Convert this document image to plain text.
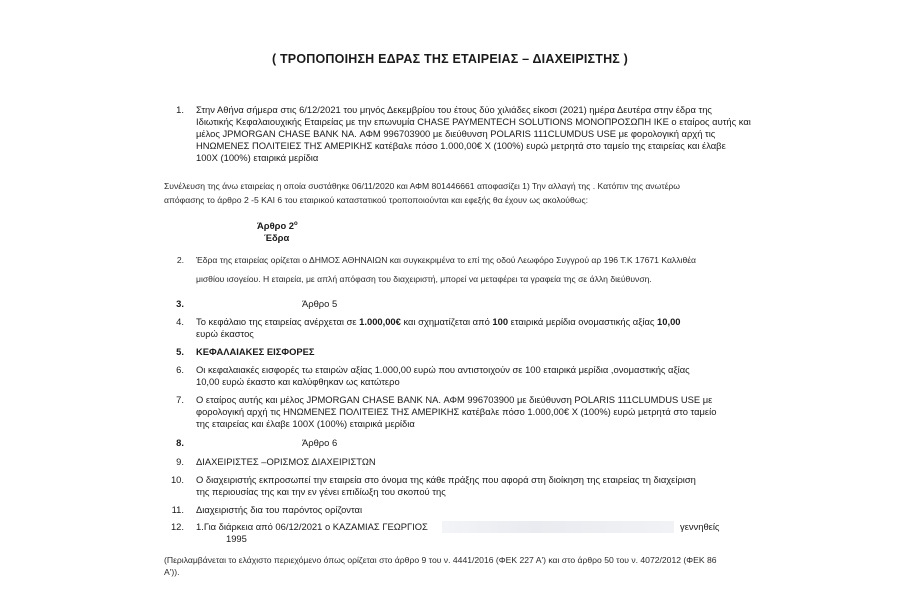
( ΤΡΟΠΟΠΟΙΗΣΗ ΕΔΡΑΣ ΤΗΣ ΕΤΑΙΡΕΙΑΣ – ΔΙΑΧΕΙΡΙΣΤΗΣ )
1. Στην Αθήνα σήμερα στις 6/12/2021 του μηνός Δεκεμβρίου του έτους δύο χιλιάδες είκοσι (2021) ημέρα Δευτέρα στην έδρα της
Ιδιωτικής Κεφαλαιουχικής Εταιρείας με την επωνυμία CHASE PAYMENTECH SOLUTIONS ΜΟΝΟΠΡΟΣΩΠΗ ΙΚΕ ο εταίρος αυτής και
μέλος JPMORGAN CHASE BANK NA. ΑΦΜ 996703900 με διεύθυνση POLARIS 111CLUMDUS USE με φορολογική αρχή τις
ΗΝΩΜΕΝΕΣ ΠΟΛΙΤΕΙΕΣ ΤΗΣ ΑΜΕΡΙΚΗΣ κατέβαλε πόσο 1.000,00€ Χ (100%) ευρώ μετρητά στο ταμείο της εταιρείας και έλαβε
100Χ (100%) εταιρικά μερίδια
Συνέλευση της άνω εταιρείας η οποία συστάθηκε 06/11/2020 και ΑΦΜ 801446661 αποφασίζει 1) Την αλλαγή της . Κατόπιν της ανωτέρω
απόφασης το άρθρο 2 -5 ΚΑΙ 6 του εταιρικού καταστατικού τροποποιούνται και εφεξής θα έχουν ως ακολούθως:
Άρθρο $2^o$
Έδρα
2. Έδρα της εταιρείας ορίζεται ο ΔΗΜΟΣ ΑΘΗΝΑΙΩΝ και συγκεκριμένα το επί της οδού Λεωφόρο Συγγρού αρ 196 Τ.Κ 17671 Καλλιθέα
μισθίου ισογείου. Η εταιρεία, με απλή απόφαση του διαχειριστή, μπορεί να μεταφέρει τα γραφεία της σε άλλη διεύθυνση.
3.	Άρθρο 5
4. Το κεφάλαιο της εταιρείας ανέρχεται σε 1.000,00€ και σχηματίζεται από 100 εταιρικά μερίδια ονομαστικής αξίας 10,00
ευρώ έκαστος
5. ΚΕΦΑΛΑΙΑΚΕΣ ΕΙΣΦΟΡΕΣ
6. Οι κεφαλαιακές εισφορές τω εταιρών αξίας 1.000,00 ευρώ που αντιστοιχούν σε 100 εταιρικά μερίδια ,ονομαστικής αξίας
10,00 ευρώ έκαστο και καλύφθηκαν ως κατώτερο
7. Ο εταίρος αυτής και μέλος JPMORGAN CHASE BANK NA. ΑΦΜ 996703900 με διεύθυνση POLARIS 111CLUMDUS USE με
φορολογική αρχή τις ΗΝΩΜΕΝΕΣ ΠΟΛΙΤΕΙΕΣ ΤΗΣ ΑΜΕΡΙΚΗΣ κατέβαλε πόσο 1.000,00€ Χ (100%) ευρώ μετρητά στο ταμείο
της εταιρείας και έλαβε 100Χ (100%) εταιρικά μερίδια
8.	Άρθρο 6
9. ΔΙΑΧΕΙΡΙΣΤΕΣ –ΟΡΙΣΜΟΣ ΔΙΑΧΕΙΡΙΣΤΩΝ
10. Ο διαχειριστής εκπροσωπεί την εταιρεία στο όνομα της κάθε πράξης που αφορά στη διοίκηση της εταιρείας τη διαχείριση
της περιουσίας της και την εν γένει επιδίωξη του σκοπού της
11. Διαχειριστής δια του παρόντος ορίζονται
12. 1.Για διάρκεια από 06/12/2021 ο ΚΑΖΑΜΙΑΣ ΓΕΩΡΓΙΟΣ	γεννηθείς
1995
(Περιλαμβάνεται το ελάχιστο περιεχόμενο όπως ορίζεται στο άρθρο 9 του ν. 4441/2016 (ΦΕΚ 227 Α') και στο άρθρο 50 του ν. 4072/2012 (ΦΕΚ 86
Α')).
